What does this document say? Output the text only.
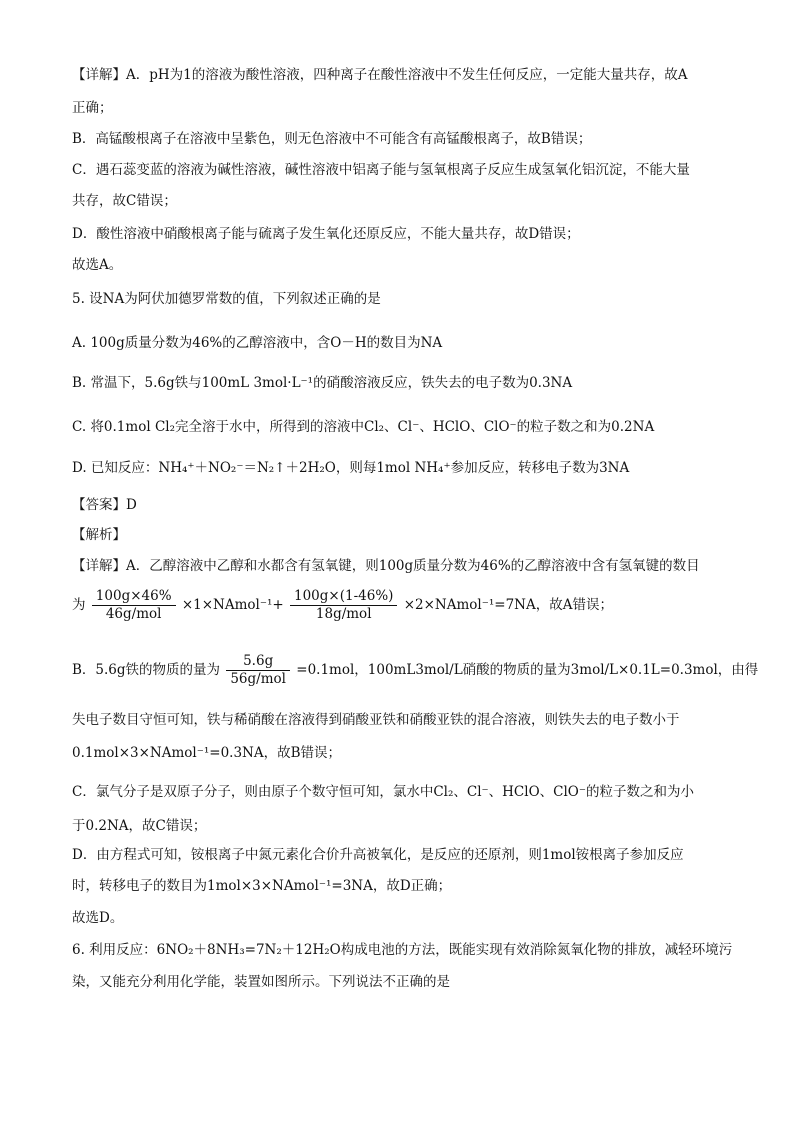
【详解】A．pH为1的溶液为酸性溶液，四种离子在酸性溶液中不发生任何反应，一定能大量共存，故A
正确；
B．高锰酸根离子在溶液中呈紫色，则无色溶液中不可能含有高锰酸根离子，故B错误；
C．遇石蕊变蓝的溶液为碱性溶液，碱性溶液中铝离子能与氢氧根离子反应生成氢氧化铝沉淀，不能大量
共存，故C错误；
D．酸性溶液中硝酸根离子能与硫离子发生氧化还原反应，不能大量共存，故D错误；
故选A。
5. 设NA为阿伏加德罗常数的值，下列叙述正确的是
A. 100g质量分数为46%的乙醇溶液中，含O－H的数目为NA
B. 常温下，5.6g铁与100mL 3mol·L⁻¹的硝酸溶液反应，铁失去的电子数为0.3NA
C. 将0.1mol Cl₂完全溶于水中，所得到的溶液中Cl₂、Cl⁻、HClO、ClO⁻的粒子数之和为0.2NA
D. 已知反应：NH₄⁺＋NO₂⁻＝N₂↑＋2H₂O，则每1mol NH₄⁺参加反应，转移电子数为3NA
【答案】D
【解析】
【详解】A．乙醇溶液中乙醇和水都含有氢氧键，则100g质量分数为46%的乙醇溶液中含有氢氧键的数目
为 $\frac{100g\times 46\%}{\text{46g/mol}}$ ×1×NAmol⁻¹+ $\frac{100g\times(1-46\%)}{\text{18g/mol}}$ ×2×NAmol⁻¹=7NA，故A错误；
B．5.6g铁的物质的量为 $\frac{5.6g}{\text{56g/mol}} =0.1mol$，100mL3mol/L硝酸的物质的量为3mol/L×0.1L=0.3mol，由得
失电子数目守恒可知，铁与稀硝酸在溶液得到硝酸亚铁和硝酸亚铁的混合溶液，则铁失去的电子数小于
0.1mol×3×NAmol⁻¹=0.3NA，故B错误；
C．氯气分子是双原子分子，则由原子个数守恒可知，氯水中Cl₂、Cl⁻、HClO、ClO⁻的粒子数之和为小
于0.2NA，故C错误；
D．由方程式可知，铵根离子中氮元素化合价升高被氧化，是反应的还原剂，则1mol铵根离子参加反应
时，转移电子的数目为1mol×3×NAmol⁻¹=3NA，故D正确；
故选D。
6. 利用反应：6NO₂＋8NH₃=7N₂＋12H₂O构成电池的方法，既能实现有效消除氮氧化物的排放，减轻环境污
染，又能充分利用化学能，装置如图所示。下列说法不正确的是
